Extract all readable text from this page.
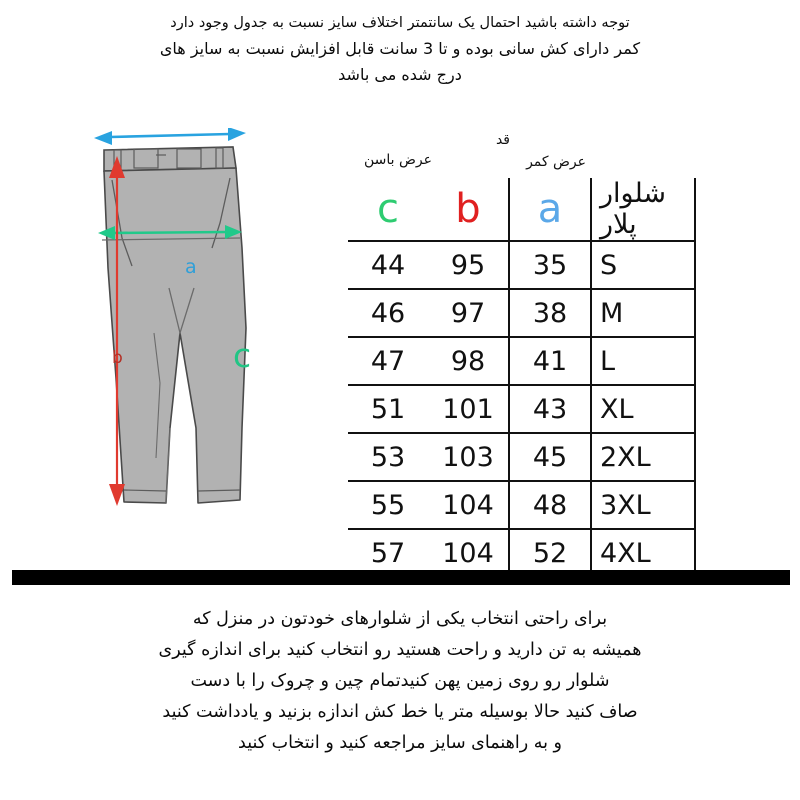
توجه داشته باشید احتمال یک سانتمتر اختلاف سایز نسبت به جدول وجود دارد
کمر دارای کش سانی بوده و تا 3 سانت قابل افزایش نسبت به سایز های
درج شده می باشد
a
b	c
عرض کمر
قد
عرض باسن
شلوار پلار	a	b	c
S	35	95	44
M	38	97	46
L	41	98	47
XL	43	101	51
2XL	45	103	53
3XL	48	104	55
4XL	52	104	57
برای راحتی انتخاب یکی از شلوارهای خودتون در منزل که
همیشه به تن دارید و راحت هستید رو انتخاب کنید برای اندازه گیری
شلوار رو روی زمین پهن کنیدتمام چین و چروک را با دست
صاف کنید حالا بوسیله متر یا خط کش اندازه بزنید و یادداشت کنید
و به راهنمای سایز مراجعه کنید و انتخاب کنید
